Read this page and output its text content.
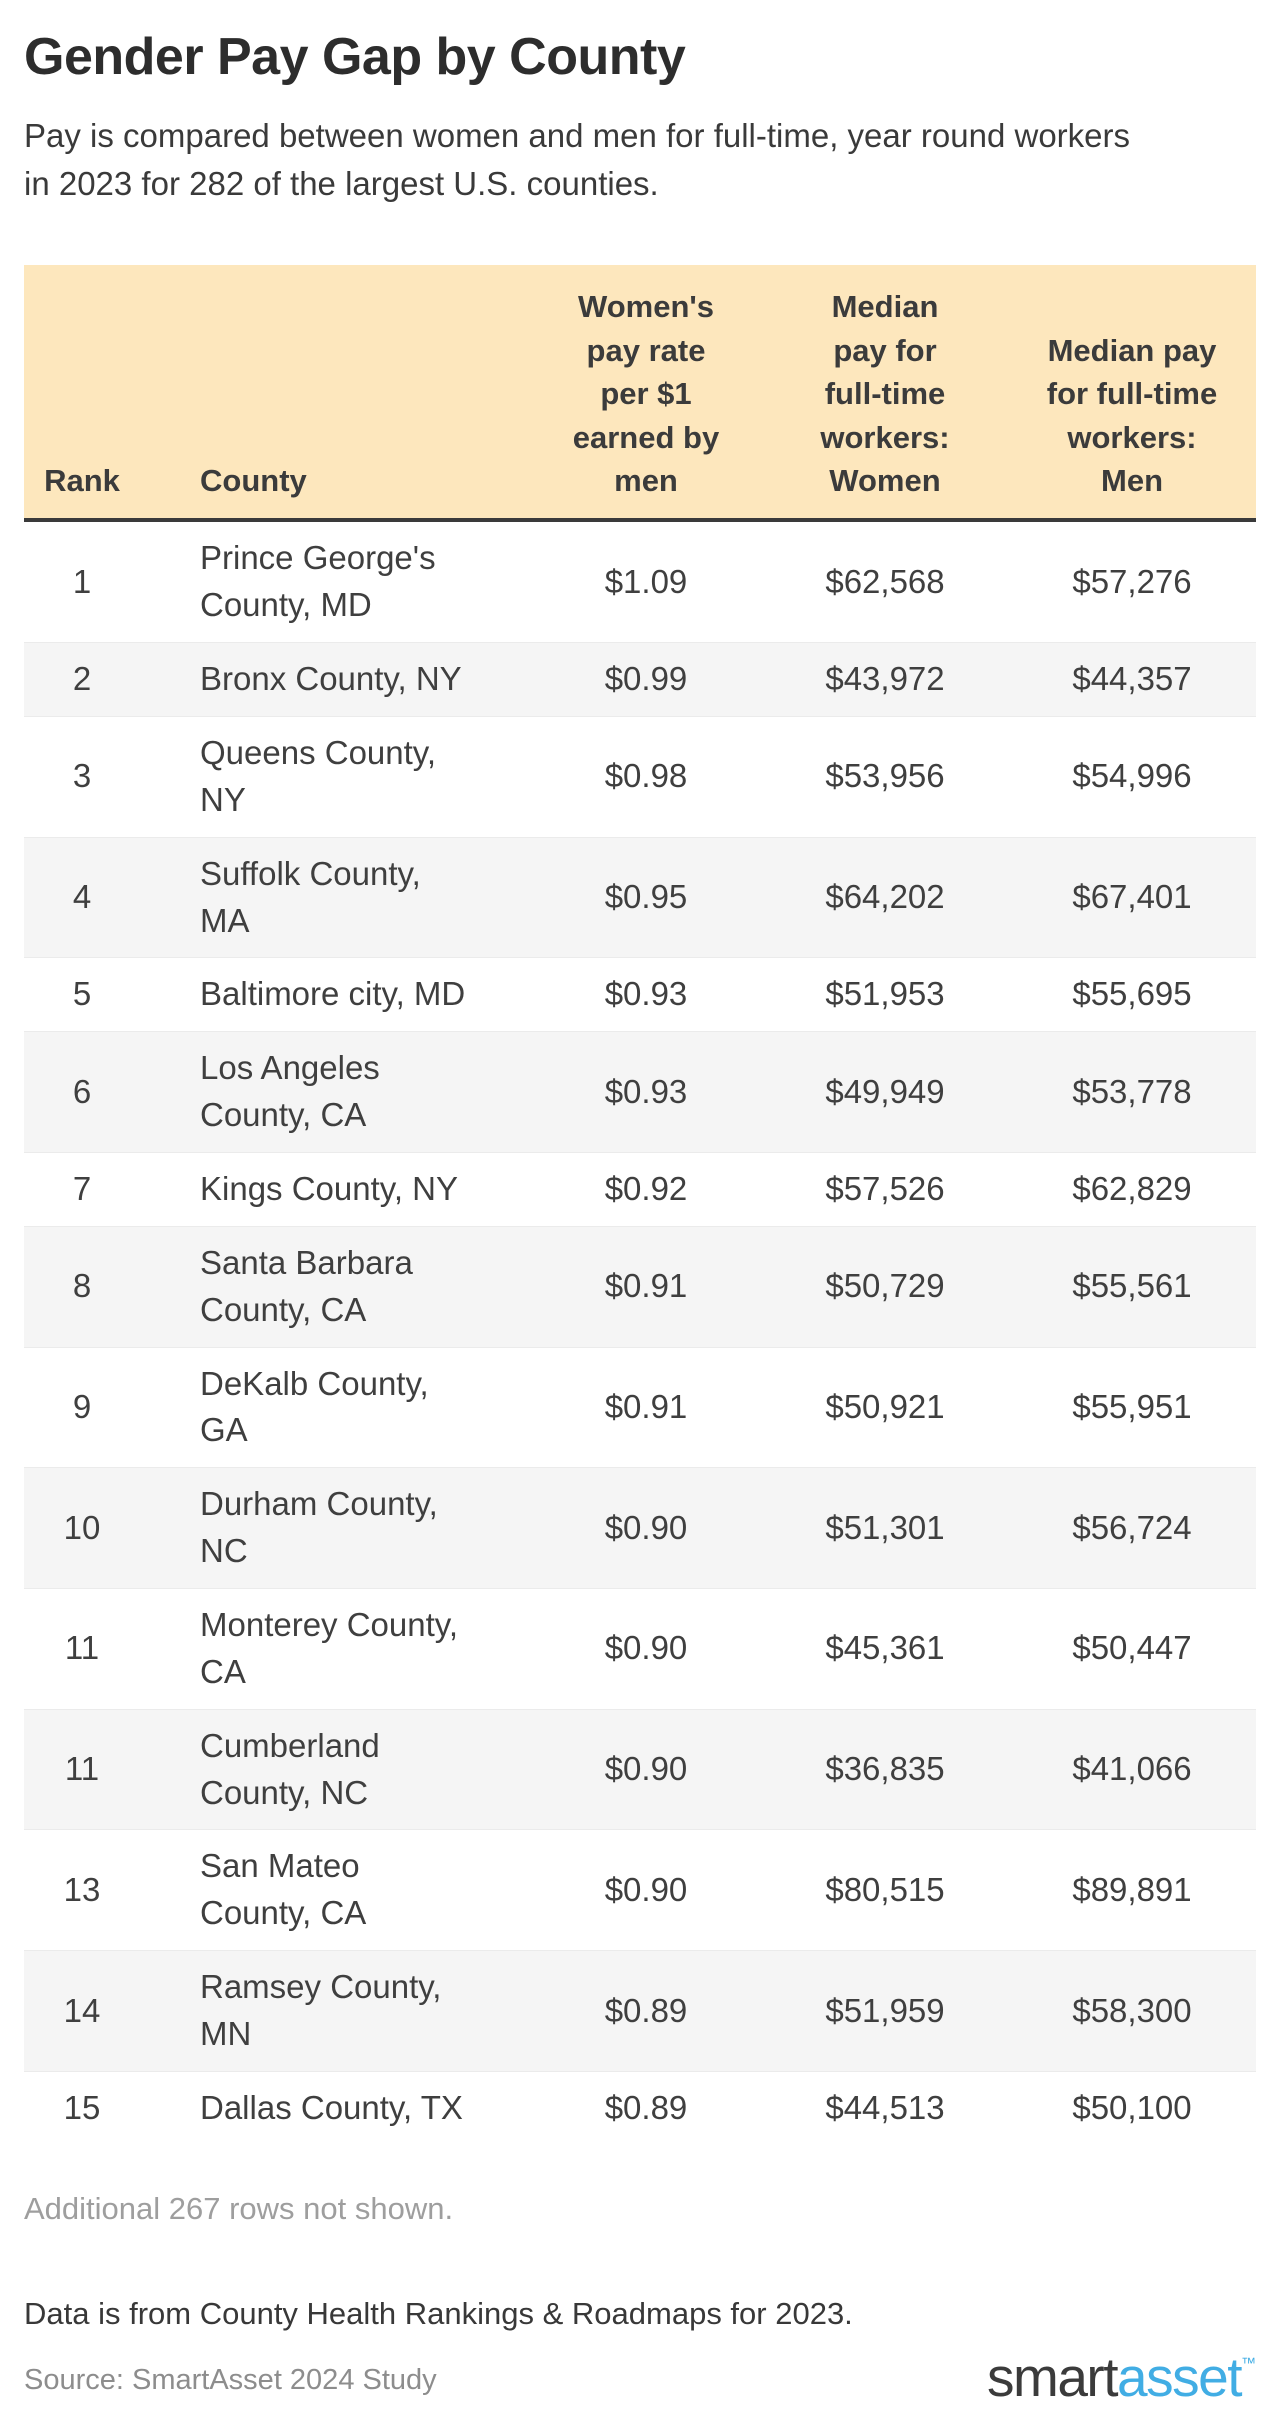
Gender Pay Gap by County

Pay is compared between women and men for full-time, year round workers in 2023 for 282 of the largest U.S. counties.

Rank	County	Women's pay rate per $1 earned by men	Median pay for full-time workers: Women	Median pay for full-time workers: Men
1	Prince George's County, MD	$1.09	$62,568	$57,276
2	Bronx County, NY	$0.99	$43,972	$44,357
3	Queens County, NY	$0.98	$53,956	$54,996
4	Suffolk County, MA	$0.95	$64,202	$67,401
5	Baltimore city, MD	$0.93	$51,953	$55,695
6	Los Angeles County, CA	$0.93	$49,949	$53,778
7	Kings County, NY	$0.92	$57,526	$62,829
8	Santa Barbara County, CA	$0.91	$50,729	$55,561
9	DeKalb County, GA	$0.91	$50,921	$55,951
10	Durham County, NC	$0.90	$51,301	$56,724
11	Monterey County, CA	$0.90	$45,361	$50,447
11	Cumberland County, NC	$0.90	$36,835	$41,066
13	San Mateo County, CA	$0.90	$80,515	$89,891
14	Ramsey County, MN	$0.89	$51,959	$58,300
15	Dallas County, TX	$0.89	$44,513	$50,100

Additional 267 rows not shown.

Data is from County Health Rankings & Roadmaps for 2023.

Source: SmartAsset 2024 Study	smartasset™
